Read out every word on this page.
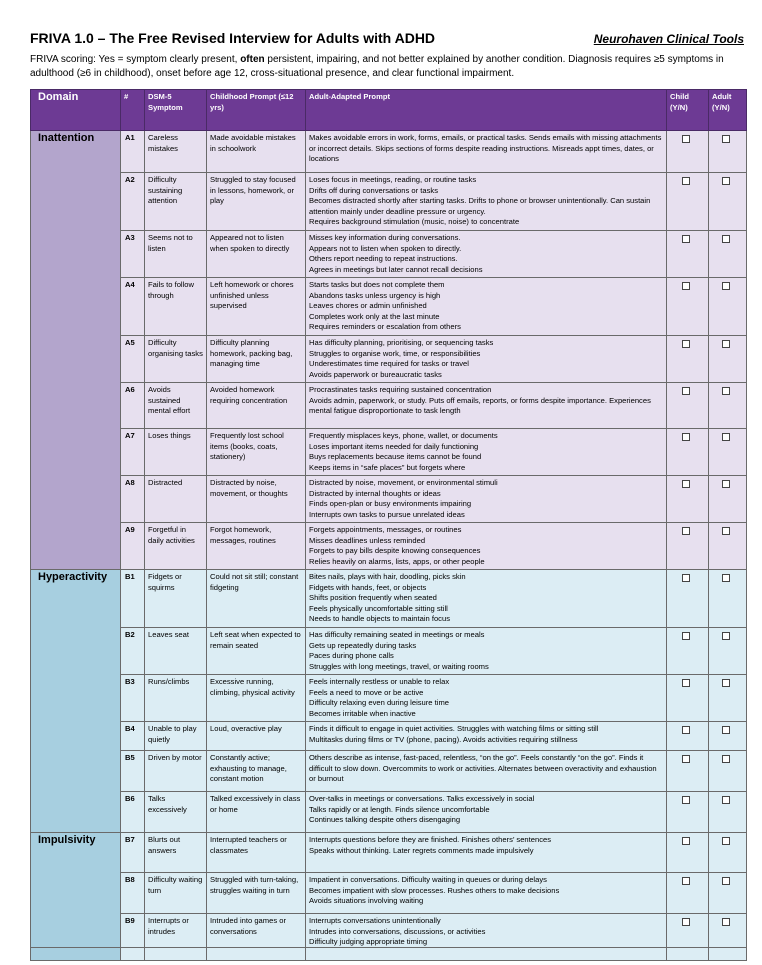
FRIVA 1.0 – The Free Revised Interview for Adults with ADHD	Neurohaven Clinical Tools
FRIVA scoring: Yes = symptom clearly present, often persistent, impairing, and not better explained by another condition. Diagnosis requires ≥5 symptoms in adulthood (≥6 in childhood), onset before age 12, cross-situational presence, and clear functional impairment.
Domain	#	DSM-5 Symptom	Childhood Prompt (≤12 yrs)	Adult-Adapted Prompt	Child (Y/N)	Adult (Y/N)
Inattention	A1	Careless mistakes	Made avoidable mistakes in schoolwork	Makes avoidable errors in work, forms, emails, or practical tasks. Sends emails with missing attachments or incorrect details. Skips sections of forms despite reading instructions. Misreads appt times, dates, or locations		

	A2	Difficulty sustaining attention	Struggled to stay focused in lessons, homework, or play	Loses focus in meetings, reading, or routine tasks
Drifts off during conversations or tasks
Becomes distracted shortly after starting tasks. Drifts to phone or browser unintentionally. Can sustain attention mainly under deadline pressure or urgency.
Requires background stimulation (music, noise) to concentrate		

	A3	Seems not to listen	Appeared not to listen when spoken to directly	Misses key information during conversations.
Appears not to listen when spoken to directly.
Others report needing to repeat instructions.
Agrees in meetings but later cannot recall decisions		

	A4	Fails to follow through	Left homework or chores unfinished unless supervised	Starts tasks but does not complete them
Abandons tasks unless urgency is high
Leaves chores or admin unfinished
Completes work only at the last minute
Requires reminders or escalation from others		

	A5	Difficulty organising tasks	Difficulty planning homework, packing bag, managing time	Has difficulty planning, prioritising, or sequencing tasks
Struggles to organise work, time, or responsibilities
Underestimates time required for tasks or travel
Avoids paperwork or bureaucratic tasks		

	A6	Avoids sustained mental effort	Avoided homework requiring concentration	Procrastinates tasks requiring sustained concentration
Avoids admin, paperwork, or study. Puts off emails, reports, or forms despite importance. Experiences mental fatigue disproportionate to task length		

	A7	Loses things	Frequently lost school items (books, coats, stationery)	Frequently misplaces keys, phone, wallet, or documents
Loses important items needed for daily functioning
Buys replacements because items cannot be found
Keeps items in “safe places” but forgets where		

	A8	Distracted	Distracted by noise, movement, or thoughts	Distracted by noise, movement, or environmental stimuli
Distracted by internal thoughts or ideas
Finds open-plan or busy environments impairing
Interrupts own tasks to pursue unrelated ideas		

	A9	Forgetful in daily activities	Forgot homework, messages, routines	Forgets appointments, messages, or routines
Misses deadlines unless reminded
Forgets to pay bills despite knowing consequences
Relies heavily on alarms, lists, apps, or other people		

Hyperactivity	B1	Fidgets or squirms	Could not sit still; constant fidgeting	Bites nails, plays with hair, doodling, picks skin
Fidgets with hands, feet, or objects
Shifts position frequently when seated
Feels physically uncomfortable sitting still
Needs to handle objects to maintain focus		

	B2	Leaves seat	Left seat when expected to remain seated	Has difficulty remaining seated in meetings or meals
Gets up repeatedly during tasks
Paces during phone calls
Struggles with long meetings, travel, or waiting rooms		

	B3	Runs/climbs	Excessive running, climbing, physical activity	Feels internally restless or unable to relax
Feels a need to move or be active
Difficulty relaxing even during leisure time
Becomes irritable when inactive		

	B4	Unable to play quietly	Loud, overactive play	Finds it difficult to engage in quiet activities. Struggles with watching films or sitting still
Multitasks during films or TV (phone, pacing). Avoids activities requiring stillness		

	B5	Driven by motor	Constantly active; exhausting to manage, constant motion	Others describe as intense, fast-paced, relentless, “on the go”. Feels constantly “on the go”. Finds it difficult to slow down. Overcommits to work or activities. Alternates between overactivity and exhaustion or burnout		

	B6	Talks excessively	Talked excessively in class or home	Over-talks in meetings or conversations. Talks excessively in social
Talks rapidly or at length. Finds silence uncomfortable
Continues talking despite others disengaging		

Impulsivity	B7	Blurts out answers	Interrupted teachers or classmates	Interrupts questions before they are finished. Finishes others’ sentences
Speaks without thinking. Later regrets comments made impulsively		

	B8	Difficulty waiting turn	Struggled with turn-taking, struggles waiting in turn	Impatient in conversations. Difficulty waiting in queues or during delays
Becomes impatient with slow processes. Rushes others to make decisions
Avoids situations involving waiting		

	B9	Interrupts or intrudes	Intruded into games or conversations	Interrupts conversations unintentionally
Intrudes into conversations, discussions, or activities
Difficulty judging appropriate timing		
